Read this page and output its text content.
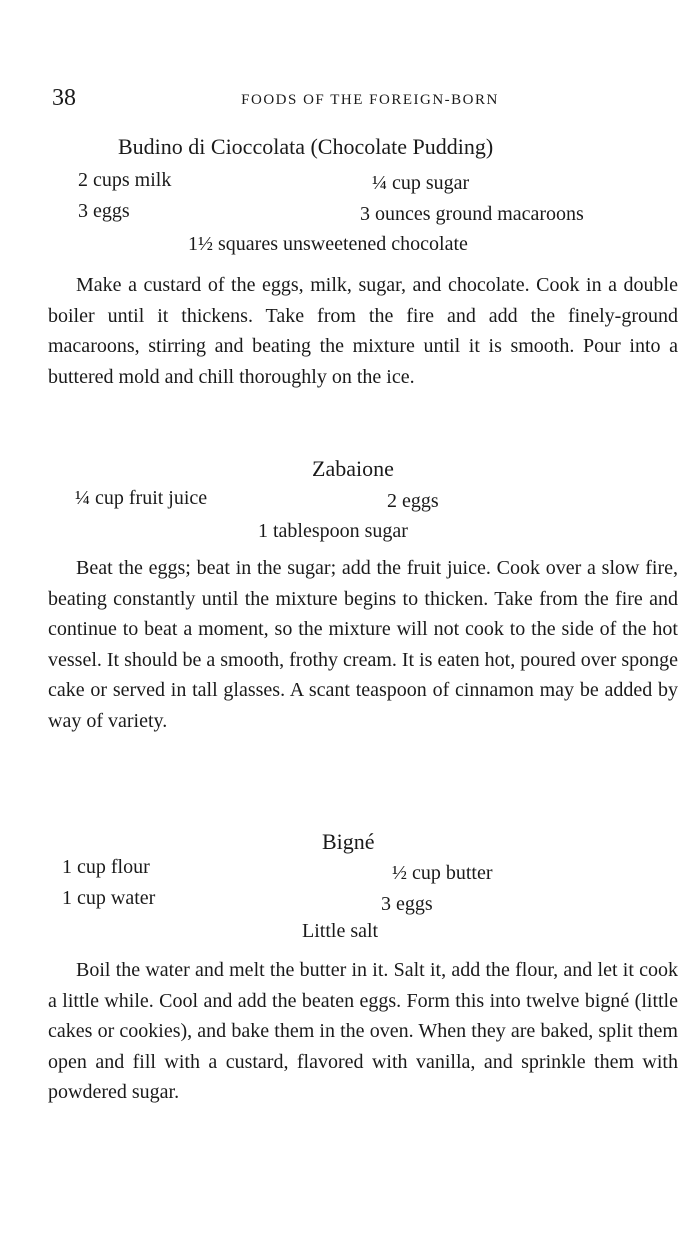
38	FOODS OF THE FOREIGN-BORN
Budino di Cioccolata (Chocolate Pudding)
2 cups milk	¼ cup sugar
3 eggs	3 ounces ground macaroons
1½ squares unsweetened chocolate

Make a custard of the eggs, milk, sugar, and chocolate. Cook in a double boiler until it thickens. Take from the fire and add the finely-ground macaroons, stirring and beating the mixture until it is smooth. Pour into a buttered mold and chill thoroughly on the ice.

Zabaione
¼ cup fruit juice	2 eggs
1 tablespoon sugar

Beat the eggs; beat in the sugar; add the fruit juice. Cook over a slow fire, beating constantly until the mixture begins to thicken. Take from the fire and continue to beat a moment, so the mixture will not cook to the side of the hot vessel. It should be a smooth, frothy cream. It is eaten hot, poured over sponge cake or served in tall glasses. A scant teaspoon of cinnamon may be added by way of variety.

Bigné
1 cup flour	½ cup butter
1 cup water	3 eggs
Little salt

Boil the water and melt the butter in it. Salt it, add the flour, and let it cook a little while. Cool and add the beaten eggs. Form this into twelve bigné (little cakes or cookies), and bake them in the oven. When they are baked, split them open and fill with a custard, flavored with vanilla, and sprinkle them with powdered sugar.
